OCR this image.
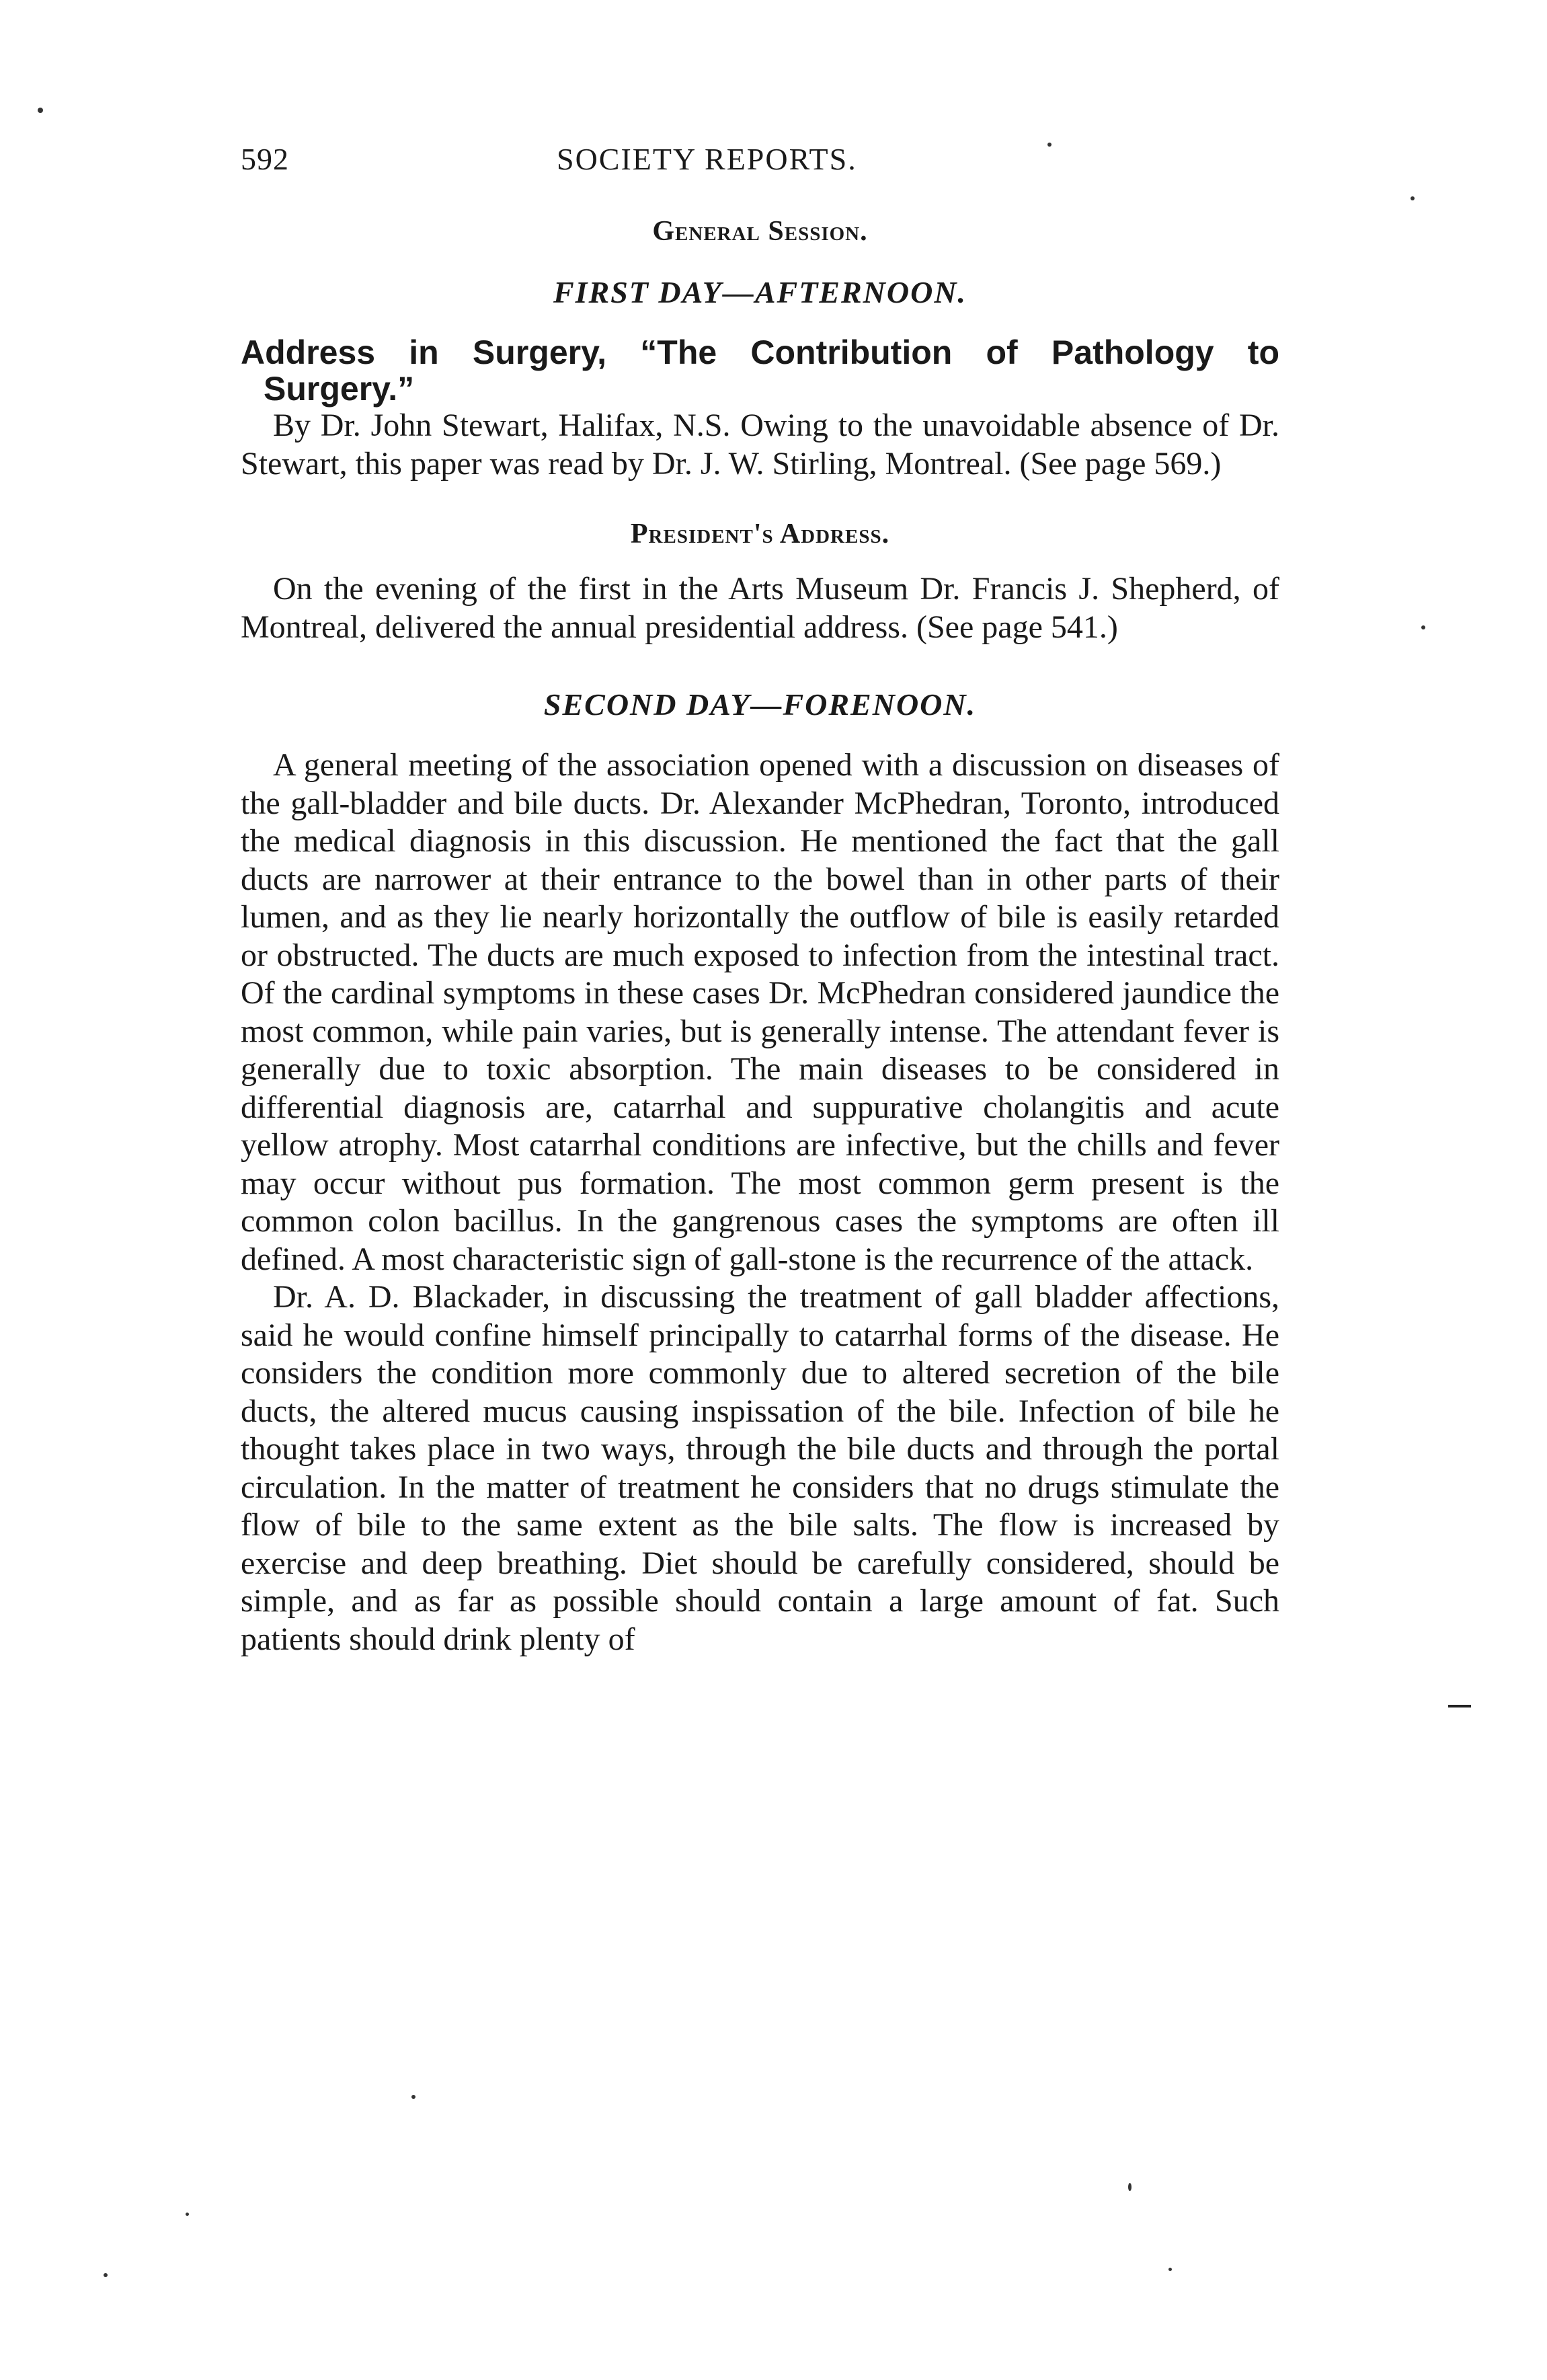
592	SOCIETY REPORTS.
General Session.
FIRST DAY—AFTERNOON.
Address in Surgery, “The Contribution of Pathology to
Surgery.”

By Dr. John Stewart, Halifax, N.S. Owing to the unavoidable absence of Dr. Stewart, this paper was read by Dr. J. W. Stirling, Montreal. (See page 569.)

President's Address.

On the evening of the first in the Arts Museum Dr. Francis J. Shepherd, of Montreal, delivered the annual presidential address. (See page 541.)

SECOND DAY—FORENOON.

A general meeting of the association opened with a discussion on diseases of the gall-bladder and bile ducts. Dr. Alexander McPhedran, Toronto, introduced the medical diagnosis in this discussion. He mentioned the fact that the gall ducts are narrower at their entrance to the bowel than in other parts of their lumen, and as they lie nearly horizontally the outflow of bile is easily retarded or obstructed. The ducts are much exposed to infection from the intestinal tract. Of the cardinal symptoms in these cases Dr. McPhedran considered jaundice the most common, while pain varies, but is generally intense. The attendant fever is generally due to toxic absorption. The main diseases to be considered in differential diagnosis are, catarrhal and suppurative cholangitis and acute yellow atrophy. Most catarrhal conditions are infective, but the chills and fever may occur without pus formation. The most common germ present is the common colon bacillus. In the gangrenous cases the symptoms are often ill defined. A most characteristic sign of gall-stone is the recurrence of the attack.

Dr. A. D. Blackader, in discussing the treatment of gall bladder affections, said he would confine himself principally to catarrhal forms of the disease. He considers the condition more commonly due to altered secretion of the bile ducts, the altered mucus causing inspissation of the bile. Infection of bile he thought takes place in two ways, through the bile ducts and through the portal circulation. In the matter of treatment he considers that no drugs stimulate the flow of bile to the same extent as the bile salts. The flow is increased by exercise and deep breathing. Diet should be carefully considered, should be simple, and as far as possible should contain a large amount of fat. Such patients should drink plenty of
